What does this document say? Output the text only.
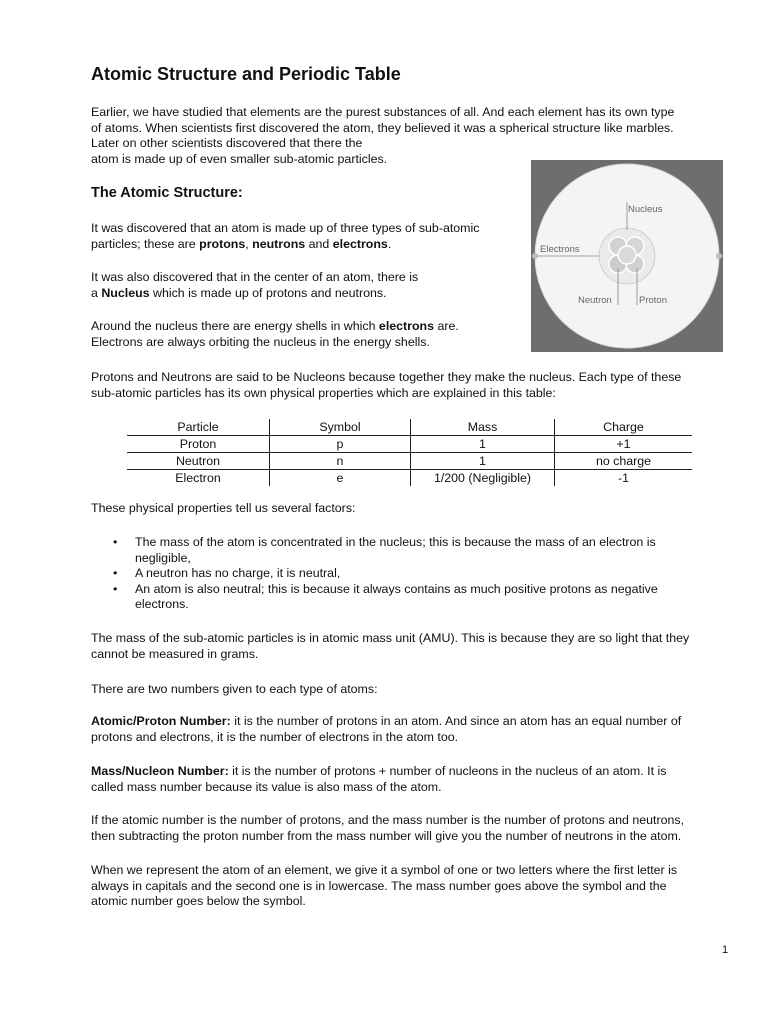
Atomic Structure and Periodic Table

Earlier, we have studied that elements are the purest substances of all. And each element has its own type
of atoms. When scientists first discovered the atom, they believed it was a spherical structure like marbles.
Later on other scientists discovered that there the
atom is made up of even smaller sub-atomic particles.

The Atomic Structure:

It was discovered that an atom is made up of three types of sub-atomic
particles; these are protons, neutrons and electrons.

It was also discovered that in the center of an atom, there is
a Nucleus which is made up of protons and neutrons.

Around the nucleus there are energy shells in which electrons are.
Electrons are always orbiting the nucleus in the energy shells.

Nucleus
Electrons
Neutron	Proton

Protons and Neutrons are said to be Nucleons because together they make the nucleus. Each type of these
sub-atomic particles has its own physical properties which are explained in this table:

Particle	Symbol	Mass	Charge
Proton	p	1	+1
Neutron	n	1	no charge
Electron	e	1/200 (Negligible)	-1

These physical properties tell us several factors:

• The mass of the atom is concentrated in the nucleus; this is because the mass of an electron is negligible,
• A neutron has no charge, it is neutral,
• An atom is also neutral; this is because it always contains as much positive protons as negative electrons.

The mass of the sub-atomic particles is in atomic mass unit (AMU). This is because they are so light that they
cannot be measured in grams.

There are two numbers given to each type of atoms:

Atomic/Proton Number: it is the number of protons in an atom. And since an atom has an equal number of
protons and electrons, it is the number of electrons in the atom too.

Mass/Nucleon Number: it is the number of protons + number of nucleons in the nucleus of an atom. It is
called mass number because its value is also mass of the atom.

If the atomic number is the number of protons, and the mass number is the number of protons and neutrons,
then subtracting the proton number from the mass number will give you the number of neutrons in the atom.

When we represent the atom of an element, we give it a symbol of one or two letters where the first letter is
always in capitals and the second one is in lowercase. The mass number goes above the symbol and the
atomic number goes below the symbol.

1
